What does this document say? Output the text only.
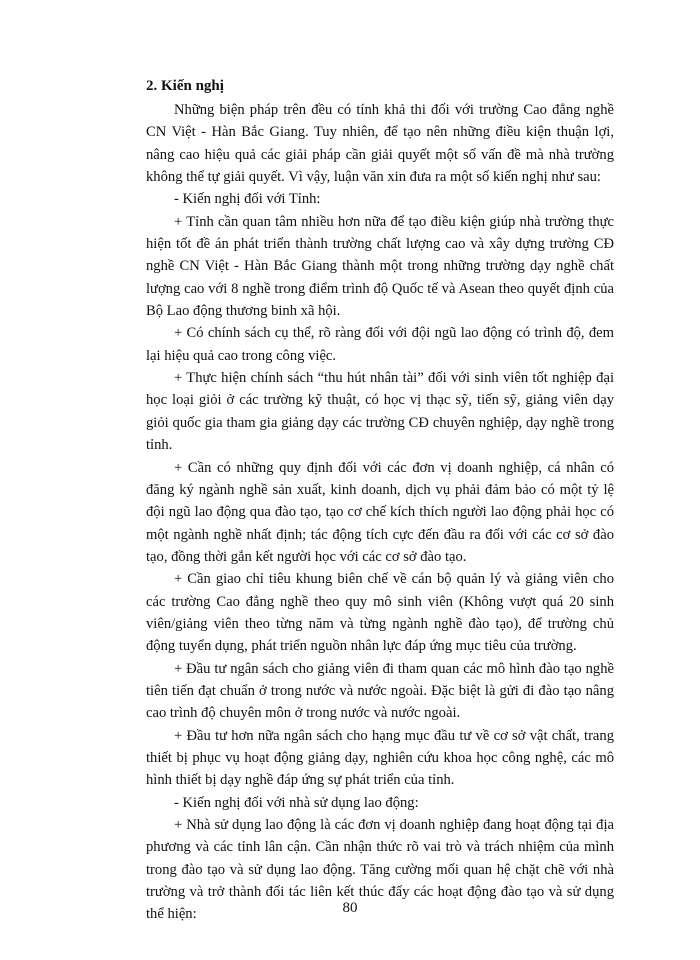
2. Kiến nghị

Những biện pháp trên đều có tính khả thi đối với trường Cao đẳng nghề CN Việt - Hàn Bắc Giang. Tuy nhiên, để tạo nên những điều kiện thuận lợi, nâng cao hiệu quả các giải pháp cần giải quyết một số vấn đề mà nhà trường không thể tự giải quyết. Vì vậy, luận văn xin đưa ra một số kiến nghị như sau:

- Kiến nghị đối với Tỉnh:

+ Tỉnh cần quan tâm nhiều hơn nữa để tạo điều kiện giúp nhà trường thực hiện tốt đề án phát triển thành trường chất lượng cao và xây dựng trường CĐ nghề CN Việt - Hàn Bắc Giang thành một trong những trường dạy nghề chất lượng cao với 8 nghề trong điểm trình độ Quốc tế và Asean theo quyết định của Bộ Lao động thương binh xã hội.

+ Có chính sách cụ thể, rõ ràng đối với đội ngũ lao động có trình độ, đem lại hiệu quả cao trong công việc.

+ Thực hiện chính sách “thu hút nhân tài” đối với sinh viên tốt nghiệp đại học loại giỏi ở các trường kỹ thuật, có học vị thạc sỹ, tiến sỹ, giảng viên dạy giỏi quốc gia tham gia giảng dạy các trường CĐ chuyên nghiệp, dạy nghề trong tỉnh.

+ Cần có những quy định đối với các đơn vị doanh nghiệp, cá nhân có đăng ký ngành nghề sản xuất, kinh doanh, dịch vụ phải đảm bảo có một tỷ lệ đội ngũ lao động qua đào tạo, tạo cơ chế kích thích người lao động phải học có một ngành nghề nhất định; tác động tích cực đến đầu ra đối với các cơ sở đào tạo, đồng thời gắn kết người học với các cơ sở đào tạo.

+ Cần giao chỉ tiêu khung biên chế về cán bộ quản lý và giảng viên cho các trường Cao đẳng nghề theo quy mô sinh viên (Không vượt quá 20 sinh viên/giảng viên theo từng năm và từng ngành nghề đào tạo), để trường chủ động tuyển dụng, phát triển nguồn nhân lực đáp ứng mục tiêu của trường.

+ Đầu tư ngân sách cho giảng viên đi tham quan các mô hình đào tạo nghề tiên tiến đạt chuẩn ở trong nước và nước ngoài. Đặc biệt là gửi đi đào tạo nâng cao trình độ chuyên môn ở trong nước và nước ngoài.

+ Đầu tư hơn nữa ngân sách cho hạng mục đầu tư về cơ sở vật chất, trang thiết bị phục vụ hoạt động giảng dạy, nghiên cứu khoa học công nghệ, các mô hình thiết bị dạy nghề đáp ứng sự phát triển của tỉnh.

- Kiến nghị đối với nhà sử dụng lao động:

+ Nhà sử dụng lao động là các đơn vị doanh nghiệp đang hoạt động tại địa phương và các tỉnh lân cận. Cần nhận thức rõ vai trò và trách nhiệm của mình trong đào tạo và sử dụng lao động. Tăng cường mối quan hệ chặt chẽ với nhà trường và trở thành đối tác liên kết thúc đẩy các hoạt động đào tạo và sử dụng thể hiện:	80
